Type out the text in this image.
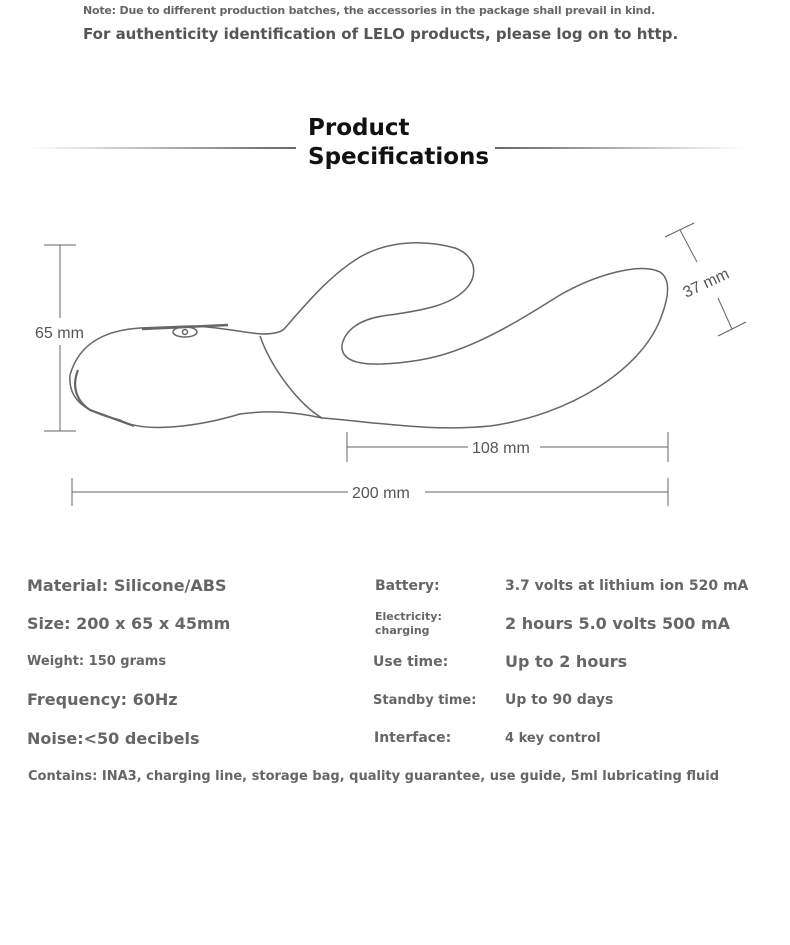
Note: Due to different production batches, the accessories in the package shall prevail in kind.
For authenticity identification of LELO products, please log on to http.
Product
Specifications
65 mm
200 mm
108 mm
37 mm
Material: Silicone/ABS
Size: 200 x 65 x 45mm
Weight: 150 grams
Frequency: 60Hz
Noise:<50 decibels
Battery:	3.7 volts at lithium ion 520 mA
Electricity:
charging	2 hours 5.0 volts 500 mA
Use time:	Up to 2 hours
Standby time: Up to 90 days
Interface:	4 key control
Contains: INA3, charging line, storage bag, quality guarantee, use guide, 5ml lubricating fluid
